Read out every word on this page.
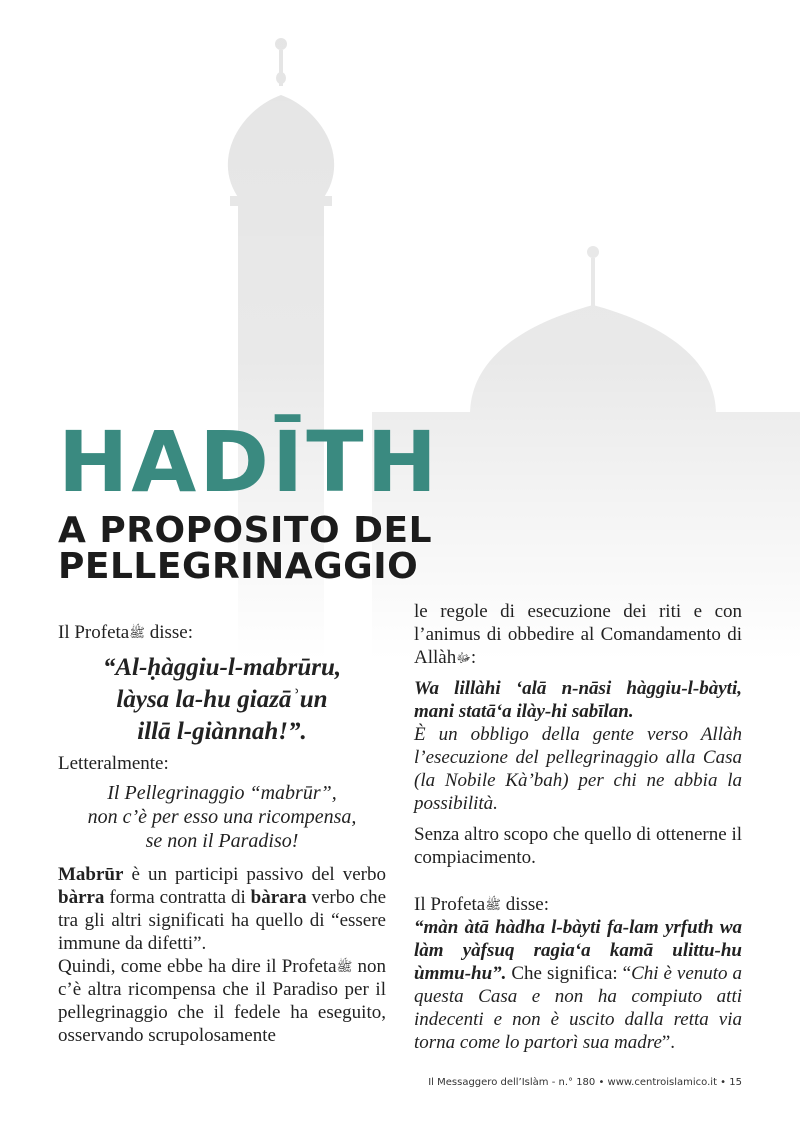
HADĪTH
A PROPOSITO DEL PELLEGRINAGGIO

Il Profetaﷺ disse:

“Al-ḥàggiu-l-mabrūru,
làysa la-hu giazāʾun
illā l-giànnah!”.

Letteralmente:

Il Pellegrinaggio “mabrūr”,
non c’è per esso una ricompensa,
se non il Paradiso!

Mabrūr è un participi passivo del verbo bàrra forma contratta di bàrara verbo che tra gli altri significati ha quello di “essere immune da difetti”.

Quindi, come ebbe ha dire il Profetaﷺ non c’è altra ricompensa che il Paradiso per il pellegrinaggio che il fedele ha eseguito, osservando scrupolosamente

le regole di esecuzione dei riti e con l’animus di obbedire al Comandamento di Allàhﷻ:

Wa lillàhi ‘alā n-nāsi hàggiu-l-bàyti, mani statā‘a ilày-hi sabīlan.

È un obbligo della gente verso Allàh l’esecuzione del pellegrinaggio alla Casa (la Nobile Kà’bah) per chi ne abbia la possibilità.

Senza altro scopo che quello di ottenerne il compiacimento.

Il Profetaﷺ disse:

“màn àtā hàdha l-bàyti fa-lam yrfuth wa làm yàfsuq ragia‘a kamā ulittu-hu ùmmu-hu”. Che significa: “Chi è venuto a questa Casa e non ha compiuto atti indecenti e non è uscito dalla retta via torna come lo partorì sua madre”.

Il Messaggero dell’Islàm - n.° 180 • www.centroislamico.it • 15
